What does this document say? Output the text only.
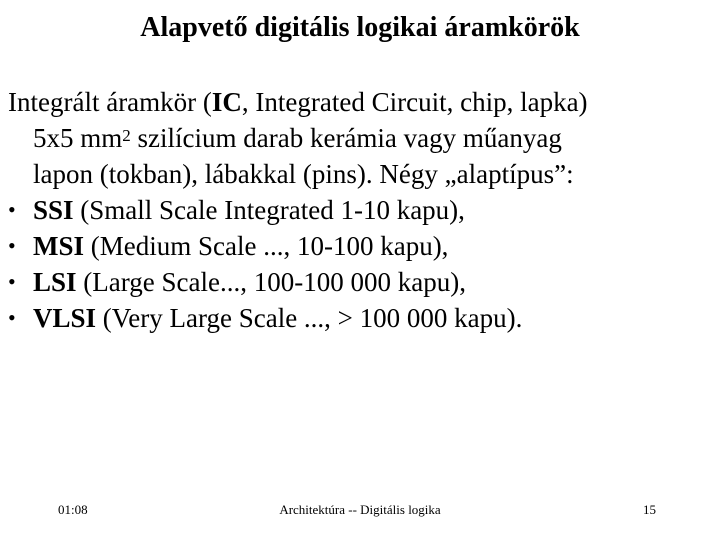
Alapvető digitális logikai áramkörök
Integrált áramkör (IC, Integrated Circuit, chip, lapka)
5x5 $mm^2$ szilícium darab kerámia vagy műanyag
lapon (tokban), lábakkal (pins). Négy „alaptípus”:
• SSI (Small Scale Integrated 1-10 kapu),
• MSI (Medium Scale ..., 10-100 kapu),
• LSI (Large Scale..., 100-100 000 kapu),
• VLSI (Very Large Scale ..., > 100 000 kapu).
01:08	Architektúra -- Digitális logika	15
